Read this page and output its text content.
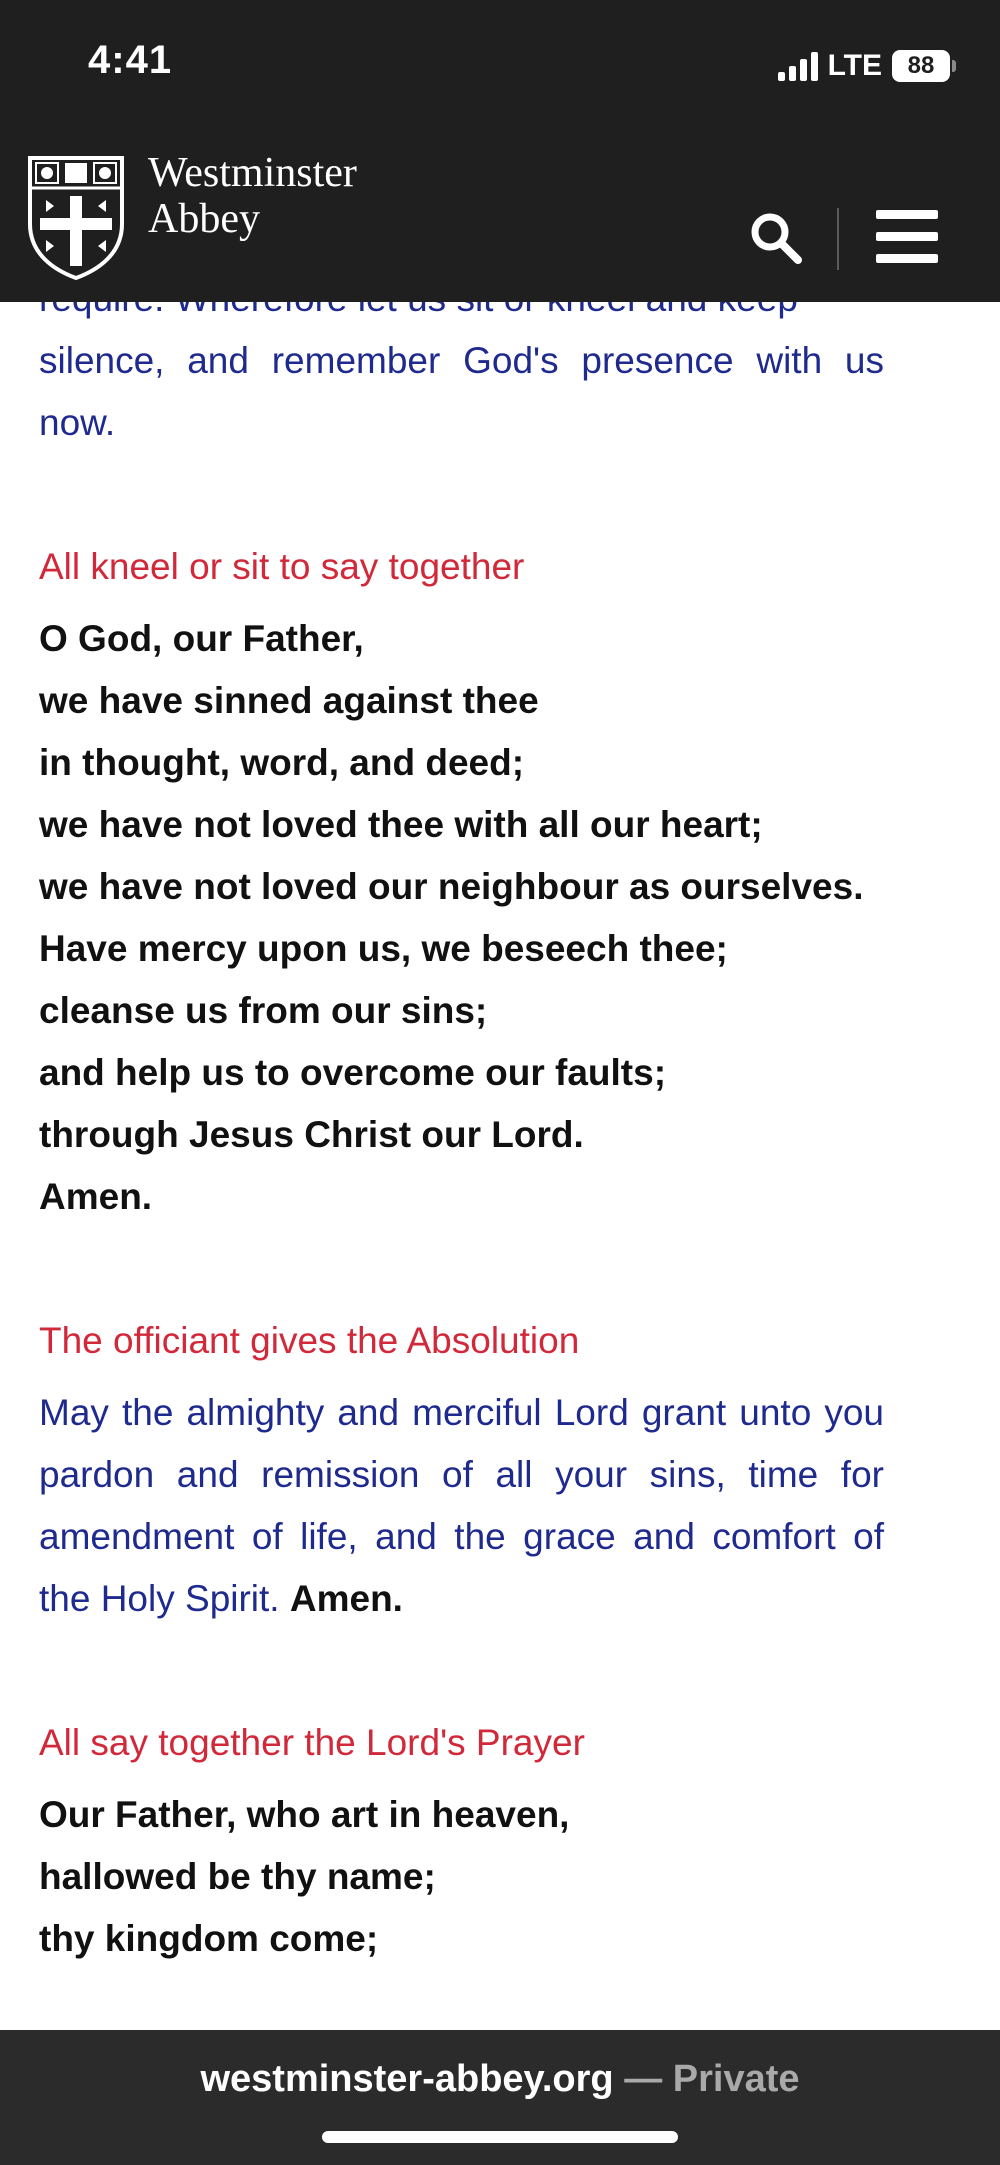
4:41	LTE 88
Westminster
Abbey

silence, and remember God's presence with us now.

All kneel or sit to say together

O God, our Father,

we have sinned against thee

in thought, word, and deed;

we have not loved thee with all our heart;

we have not loved our neighbour as ourselves.

Have mercy upon us, we beseech thee;

cleanse us from our sins;

and help us to overcome our faults;

through Jesus Christ our Lord.

Amen.

The officiant gives the Absolution

May the almighty and merciful Lord grant unto you pardon and remission of all your sins, time for amendment of life, and the grace and comfort of the Holy Spirit. Amen.

All say together the Lord's Prayer

Our Father, who art in heaven,

hallowed be thy name;

thy kingdom come;

westminster-abbey.org — Private
